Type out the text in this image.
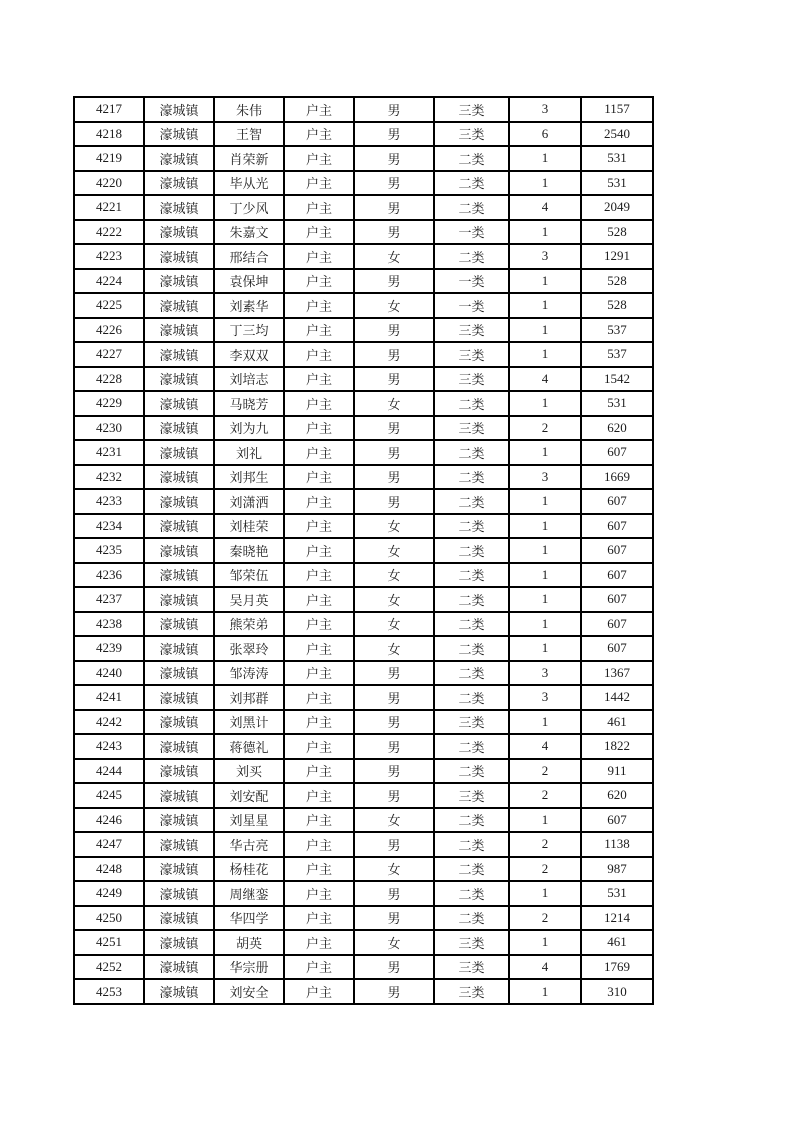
4217	濠城镇	朱伟	户主	男	三类	3	1157
4218	濠城镇	王智	户主	男	三类	6	2540
4219	濠城镇	肖荣新	户主	男	二类	1	531
4220	濠城镇	毕从光	户主	男	二类	1	531
4221	濠城镇	丁少风	户主	男	二类	4	2049
4222	濠城镇	朱嘉文	户主	男	一类	1	528
4223	濠城镇	邢结合	户主	女	二类	3	1291
4224	濠城镇	袁保坤	户主	男	一类	1	528
4225	濠城镇	刘素华	户主	女	一类	1	528
4226	濠城镇	丁三均	户主	男	三类	1	537
4227	濠城镇	李双双	户主	男	三类	1	537
4228	濠城镇	刘培志	户主	男	三类	4	1542
4229	濠城镇	马晓芳	户主	女	二类	1	531
4230	濠城镇	刘为九	户主	男	三类	2	620
4231	濠城镇	刘礼	户主	男	二类	1	607
4232	濠城镇	刘邦生	户主	男	二类	3	1669
4233	濠城镇	刘潇洒	户主	男	二类	1	607
4234	濠城镇	刘桂荣	户主	女	二类	1	607
4235	濠城镇	秦晓艳	户主	女	二类	1	607
4236	濠城镇	邹荣伍	户主	女	二类	1	607
4237	濠城镇	吴月英	户主	女	二类	1	607
4238	濠城镇	熊荣弟	户主	女	二类	1	607
4239	濠城镇	张翠玲	户主	女	二类	1	607
4240	濠城镇	邹涛涛	户主	男	二类	3	1367
4241	濠城镇	刘邦群	户主	男	二类	3	1442
4242	濠城镇	刘黑计	户主	男	三类	1	461
4243	濠城镇	蒋德礼	户主	男	二类	4	1822
4244	濠城镇	刘买	户主	男	二类	2	911
4245	濠城镇	刘安配	户主	男	三类	2	620
4246	濠城镇	刘星星	户主	女	二类	1	607
4247	濠城镇	华古亮	户主	男	二类	2	1138
4248	濠城镇	杨桂花	户主	女	二类	2	987
4249	濠城镇	周继銮	户主	男	二类	1	531
4250	濠城镇	华四学	户主	男	二类	2	1214
4251	濠城镇	胡英	户主	女	三类	1	461
4252	濠城镇	华宗册	户主	男	三类	4	1769
4253	濠城镇	刘安全	户主	男	三类	1	310
